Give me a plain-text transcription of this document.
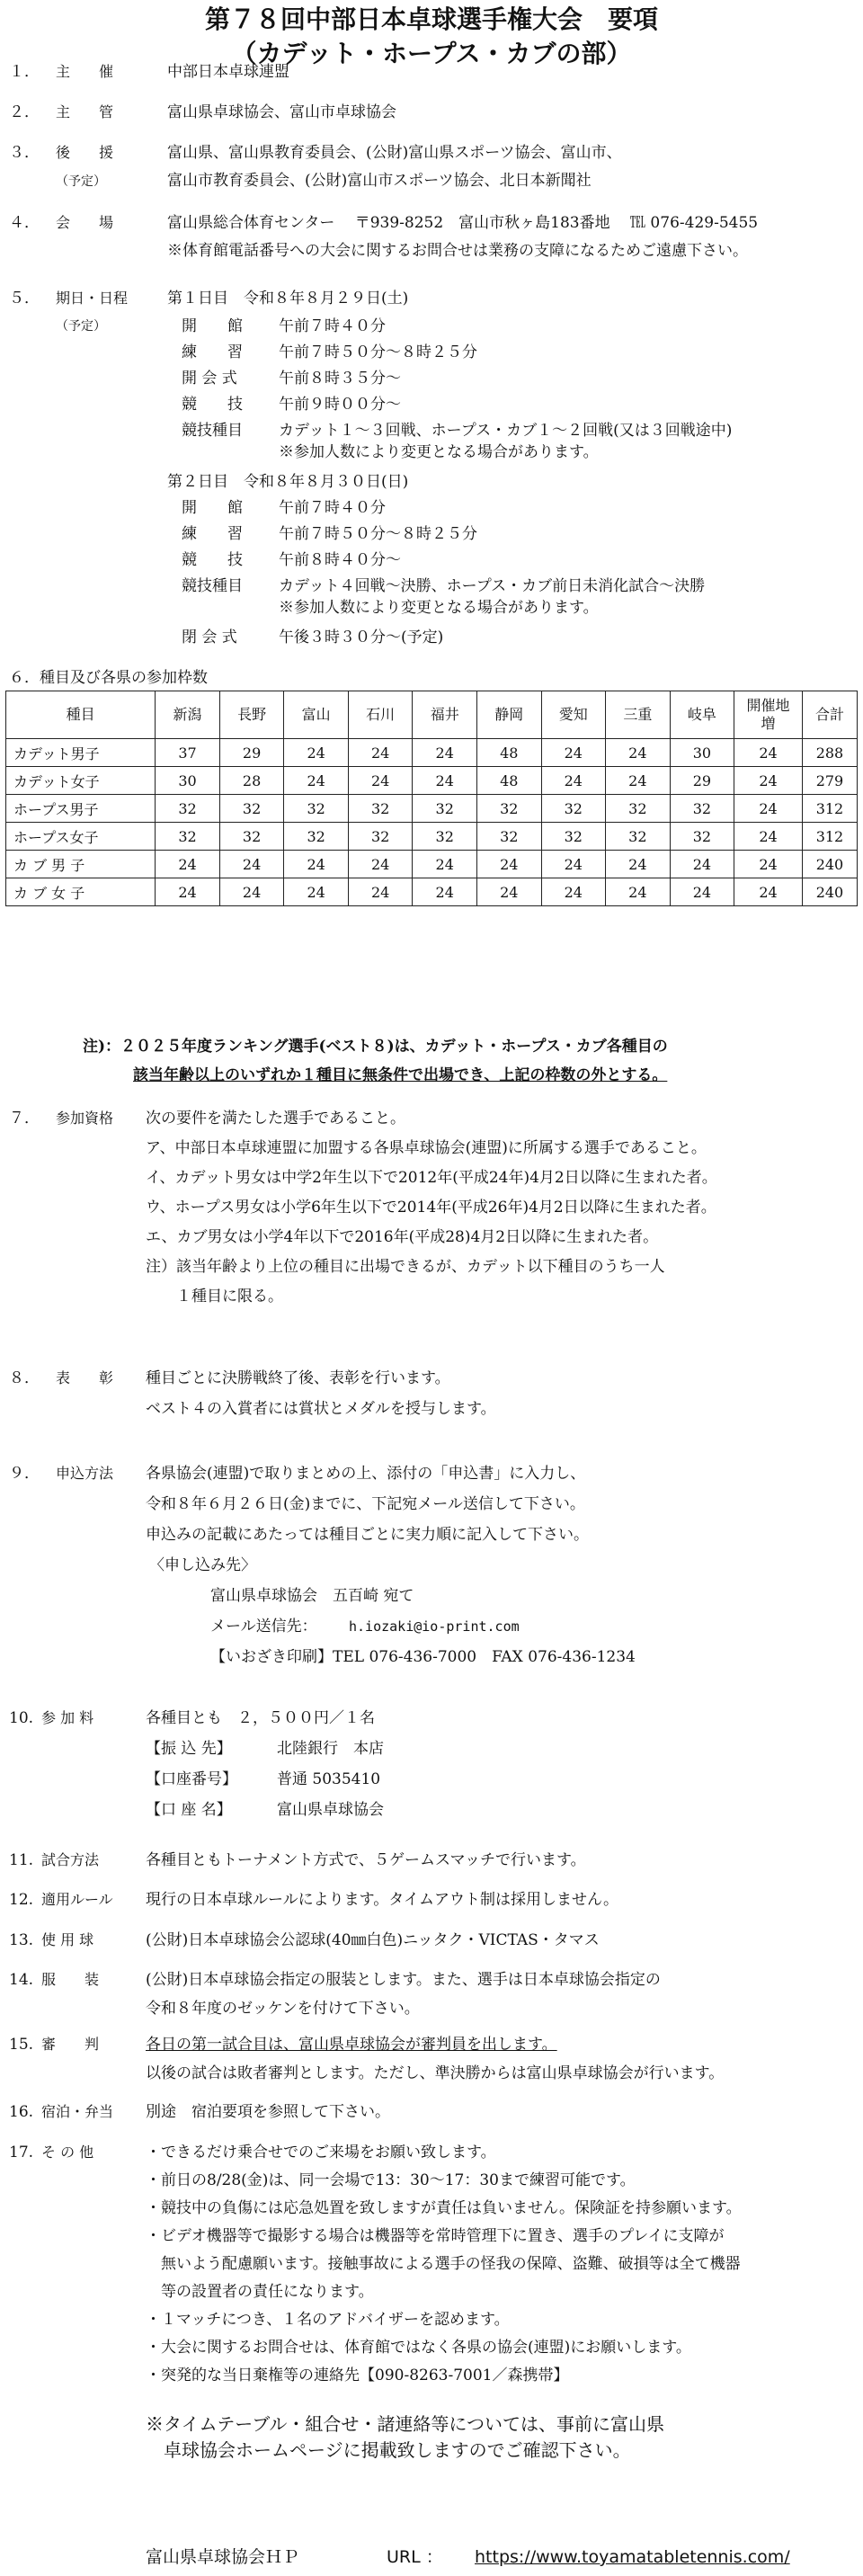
第７８回中部日本卓球選手権大会　要項
（カデット・ホープス・カブの部）
１． 主　　催	中部日本卓球連盟
２． 主　　管	富山県卓球協会、富山市卓球協会
３． 後　　援	富山県、富山県教育委員会、(公財)富山県スポーツ協会、富山市、
（予定）	富山市教育委員会、(公財)富山市スポーツ協会、北日本新聞社
４． 会　　場	富山県総合体育センター　 〒939-8252　富山市秋ヶ島183番地　 ℡ 076-429-5455
※体育館電話番号への大会に関するお問合せは業務の支障になるためご遠慮下さい。
５． 期日・日程	第１日目　令和８年８月２９日(土)
（予定）	開　　館 午前７時４０分
練　　習 午前７時５０分～８時２５分
開 会 式	午前８時３５分～
競　　技 午前９時００分～
競技種目 カデット１～３回戦、ホープス・カブ１～２回戦(又は３回戦途中)
※参加人数により変更となる場合があります。
第２日目　令和８年８月３０日(日)
開　　館 午前７時４０分
練　　習 午前７時５０分～８時２５分
競　　技 午前８時４０分～
競技種目 カデット４回戦～決勝、ホープス・カブ前日未消化試合～決勝
※参加人数により変更となる場合があります。
閉 会 式	午後３時３０分～(予定)
６．種目及び各県の参加枠数
種目	新潟	長野	富山	石川	福井	静岡	愛知	三重	岐阜	開催地増	合計
カデット男子	37	29	24	24	24	48	24	24	30	24	288
カデット女子	30	28	24	24	24	48	24	24	29	24	279
ホープス男子	32	32	32	32	32	32	32	32	32	24	312
ホープス女子	32	32	32	32	32	32	32	32	32	24	312
カ ブ 男 子	24	24	24	24	24	24	24	24	24	24	240
カ ブ 女 子	24	24	24	24	24	24	24	24	24	24	240
注)：２０２５年度ランキング選手(ベスト８)は、カデット・ホープス・カブ各種目の
該当年齢以上のいずれか１種目に無条件で出場でき、上記の枠数の外とする。
７． 参加資格 次の要件を満たした選手であること。
ア、中部日本卓球連盟に加盟する各県卓球協会(連盟)に所属する選手であること。
イ、カデット男女は中学2年生以下で2012年(平成24年)4月2日以降に生まれた者。
ウ、ホープス男女は小学6年生以下で2014年(平成26年)4月2日以降に生まれた者。
エ、カブ男女は小学4年以下で2016年(平成28)4月2日以降に生まれた者。
注）該当年齢より上位の種目に出場できるが、カデット以下種目のうち一人
　　１種目に限る。
８． 表　　彰 種目ごとに決勝戦終了後、表彰を行います。
ベスト４の入賞者には賞状とメダルを授与します。
９． 申込方法 各県協会(連盟)で取りまとめの上、添付の「申込書」に入力し、
令和８年６月２６日(金)までに、下記宛メール送信して下さい。
申込みの記載にあたっては種目ごとに実力順に記入して下さい。
〈申し込み先〉
富山県卓球協会　五百崎 宛て
メール送信先： h.iozaki@io-print.com
【いおざき印刷】TEL 076-436-7000　FAX 076-436-1234
10. 参 加 料	各種目とも　２，５００円／１名
【振 込 先】	北陸銀行　本店
【口座番号】	普通 5035410
【口 座 名】	富山県卓球協会
11. 試合方法	各種目ともトーナメント方式で、５ゲームスマッチで行います。
12. 適用ルール 現行の日本卓球ルールによります。タイムアウト制は採用しません。
13. 使 用 球	(公財)日本卓球協会公認球(40㎜白色)ニッタク・VICTAS・タマス
14. 服　　装	(公財)日本卓球協会指定の服装とします。また、選手は日本卓球協会指定の
令和８年度のゼッケンを付けて下さい。
15. 審　　判	各日の第一試合目は、富山県卓球協会が審判員を出します。
以後の試合は敗者審判とします。ただし、準決勝からは富山県卓球協会が行います。
16. 宿泊・弁当 別途　宿泊要項を参照して下さい。
17. そ の 他	・できるだけ乗合せでのご来場をお願い致します。
・前日の8/28(金)は、同一会場で13：30～17：30まで練習可能です。
・競技中の負傷には応急処置を致しますが責任は負いません。保険証を持参願います。
・ビデオ機器等で撮影する場合は機器等を常時管理下に置き、選手のプレイに支障が
　無いよう配慮願います。接触事故による選手の怪我の保障、盗難、破損等は全て機器
　等の設置者の責任になります。
・１マッチにつき、１名のアドバイザーを認めます。
・大会に関するお問合せは、体育館ではなく各県の協会(連盟)にお願いします。
・突発的な当日棄権等の連絡先【090-8263-7001／森携帯】
※タイムテーブル・組合せ・諸連絡等については、事前に富山県
　卓球協会ホームページに掲載致しますのでご確認下さい。
富山県卓球協会ＨＰ	URL ： https://www.toyamatabletennis.com/
